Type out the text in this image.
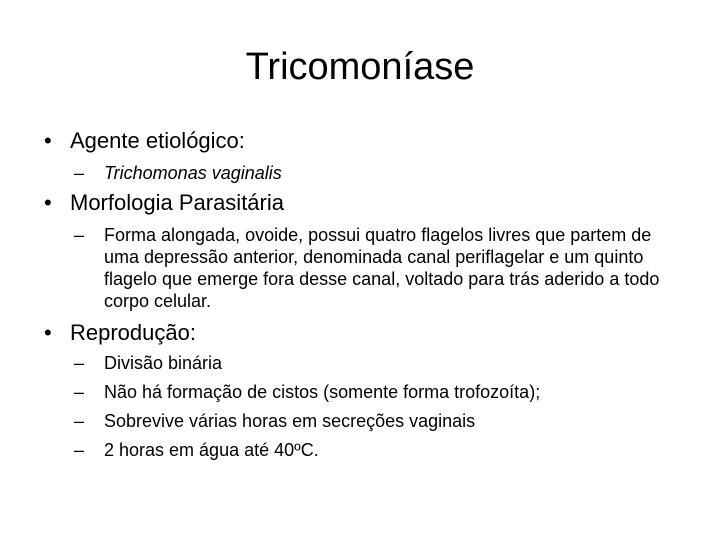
Tricomoníase
• Agente etiológico:
–	Trichomonas vaginalis
• Morfologia Parasitária
–	Forma alongada, ovoide, possui quatro flagelos livres que partem de uma depressão anterior, denominada canal periflagelar e um quinto flagelo que emerge fora desse canal, voltado para trás aderido a todo corpo celular.
• Reprodução:
–	Divisão binária
–	Não há formação de cistos (somente forma trofozoíta);
–	Sobrevive várias horas em secreções vaginais
–	2 horas em água até 40ºC.
